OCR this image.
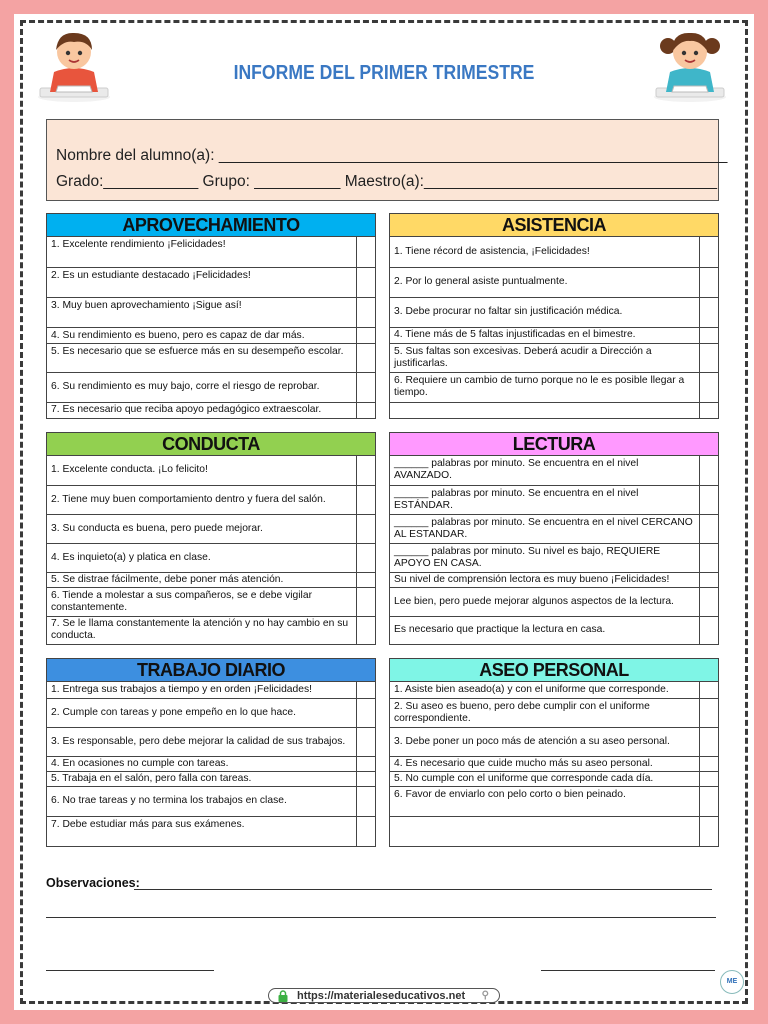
INFORME DEL PRIMER TRIMESTRE
Nombre del alumno(a): ___________________________________________________________
Grado:___________ Grupo: __________ Maestro(a):__________________________________
APROVECHAMIENTO
1. Excelente rendimiento ¡Felicidades!	
2. Es un estudiante destacado ¡Felicidades!	
3. Muy buen aprovechamiento ¡Sigue así!	
4. Su rendimiento es bueno, pero es capaz de dar más.	
5. Es necesario que se esfuerce más en su desempeño escolar.	
6. Su rendimiento es muy bajo, corre el riesgo de reprobar.	
7. Es necesario que reciba apoyo pedagógico extraescolar.	
ASISTENCIA
1. Tiene récord de asistencia, ¡Felicidades!	
2. Por lo general asiste puntualmente.	
3. Debe procurar no faltar sin justificación médica.	
4. Tiene más de 5 faltas injustificadas en el bimestre.	
5. Sus faltas son excesivas. Deberá acudir a Dirección a justificarlas.	
6. Requiere un cambio de turno porque no le es posible llegar a tiempo.	

CONDUCTA
1. Excelente conducta. ¡Lo felicito!	
2. Tiene muy buen comportamiento dentro y fuera del salón.	
3. Su conducta es buena, pero puede mejorar.	
4. Es inquieto(a) y platica en clase.	
5. Se distrae fácilmente, debe poner más atención.	
6. Tiende a molestar a sus compañeros, se e debe vigilar constantemente.	
7. Se le llama constantemente la atención y no hay cambio en su conducta.	
LECTURA
______ palabras por minuto. Se encuentra en el nivel AVANZADO.	
______ palabras por minuto. Se encuentra en el nivel ESTÁNDAR.	
______ palabras por minuto. Se encuentra en el nivel CERCANO AL ESTANDAR.	
______ palabras por minuto. Su nivel es bajo, REQUIERE APOYO EN CASA.	
Su nivel de comprensión lectora es muy bueno ¡Felicidades!	
Lee bien, pero puede mejorar algunos aspectos de la lectura.	
Es necesario que practique la lectura en casa.	
TRABAJO DIARIO
1. Entrega sus trabajos a tiempo y en orden ¡Felicidades!	
2. Cumple con tareas y pone empeño en lo que hace.	
3. Es responsable, pero debe mejorar la calidad de sus trabajos.	
4. En ocasiones no cumple con tareas.	
5. Trabaja en el salón, pero falla con tareas.	
6. No trae tareas y no termina los trabajos en clase.	
7. Debe estudiar más para sus exámenes.	
ASEO PERSONAL
1. Asiste bien aseado(a) y con el uniforme que corresponde.	
2. Su aseo es bueno, pero debe cumplir con el uniforme correspondiente.	
3. Debe poner un poco más de atención a su aseo personal.	
4. Es necesario que cuide mucho más su aseo personal.	
5. No cumple con el uniforme que corresponde cada día.	
6. Favor de enviarlo con pelo corto o bien peinado.	

Observaciones:
https://materialeseducativos.net ⚲
ME
